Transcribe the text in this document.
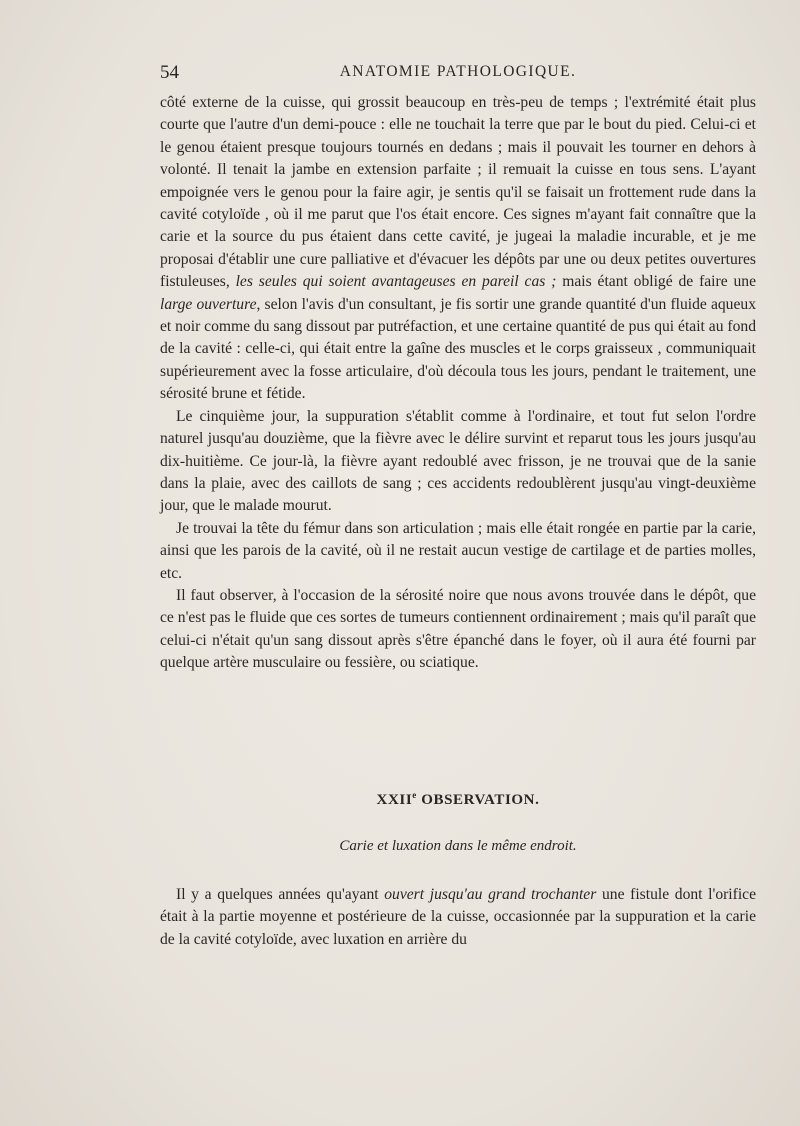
54	ANATOMIE PATHOLOGIQUE.

côté externe de la cuisse, qui grossit beaucoup en très-peu de temps ; l'extrémité était plus courte que l'autre d'un demi-pouce : elle ne touchait la terre que par le bout du pied. Celui-ci et le genou étaient presque toujours tournés en dedans ; mais il pouvait les tourner en dehors à volonté. Il tenait la jambe en extension parfaite ; il remuait la cuisse en tous sens. L'ayant empoignée vers le genou pour la faire agir, je sentis qu'il se faisait un frottement rude dans la cavité cotyloïde , où il me parut que l'os était encore. Ces signes m'ayant fait connaître que la carie et la source du pus étaient dans cette cavité, je jugeai la maladie incurable, et je me proposai d'établir une cure palliative et d'évacuer les dépôts par une ou deux petites ouvertures fistuleuses, les seules qui soient avantageuses en pareil cas ; mais étant obligé de faire une large ouverture, selon l'avis d'un consultant, je fis sortir une grande quantité d'un fluide aqueux et noir comme du sang dissout par putréfaction, et une certaine quantité de pus qui était au fond de la cavité : celle-ci, qui était entre la gaîne des muscles et le corps graisseux , communiquait supérieurement avec la fosse articulaire, d'où découla tous les jours, pendant le traitement, une sérosité brune et fétide.

Le cinquième jour, la suppuration s'établit comme à l'ordinaire, et tout fut selon l'ordre naturel jusqu'au douzième, que la fièvre avec le délire survint et reparut tous les jours jusqu'au dix-huitième. Ce jour-là, la fièvre ayant redoublé avec frisson, je ne trouvai que de la sanie dans la plaie, avec des caillots de sang ; ces accidents redoublèrent jusqu'au vingt-deuxième jour, que le malade mourut.

Je trouvai la tête du fémur dans son articulation ; mais elle était rongée en partie par la carie, ainsi que les parois de la cavité, où il ne restait aucun vestige de cartilage et de parties molles, etc.

Il faut observer, à l'occasion de la sérosité noire que nous avons trouvée dans le dépôt, que ce n'est pas le fluide que ces sortes de tumeurs contiennent ordinairement ; mais qu'il paraît que celui-ci n'était qu'un sang dissout après s'être épanché dans le foyer, où il aura été fourni par quelque artère musculaire ou fessière, ou sciatique.

XXIIe OBSERVATION.
Carie et luxation dans le même endroit.

Il y a quelques années qu'ayant ouvert jusqu'au grand trochanter une fistule dont l'orifice était à la partie moyenne et postérieure de la cuisse, occasionnée par la suppuration et la carie de la cavité cotyloïde, avec luxation en arrière du
